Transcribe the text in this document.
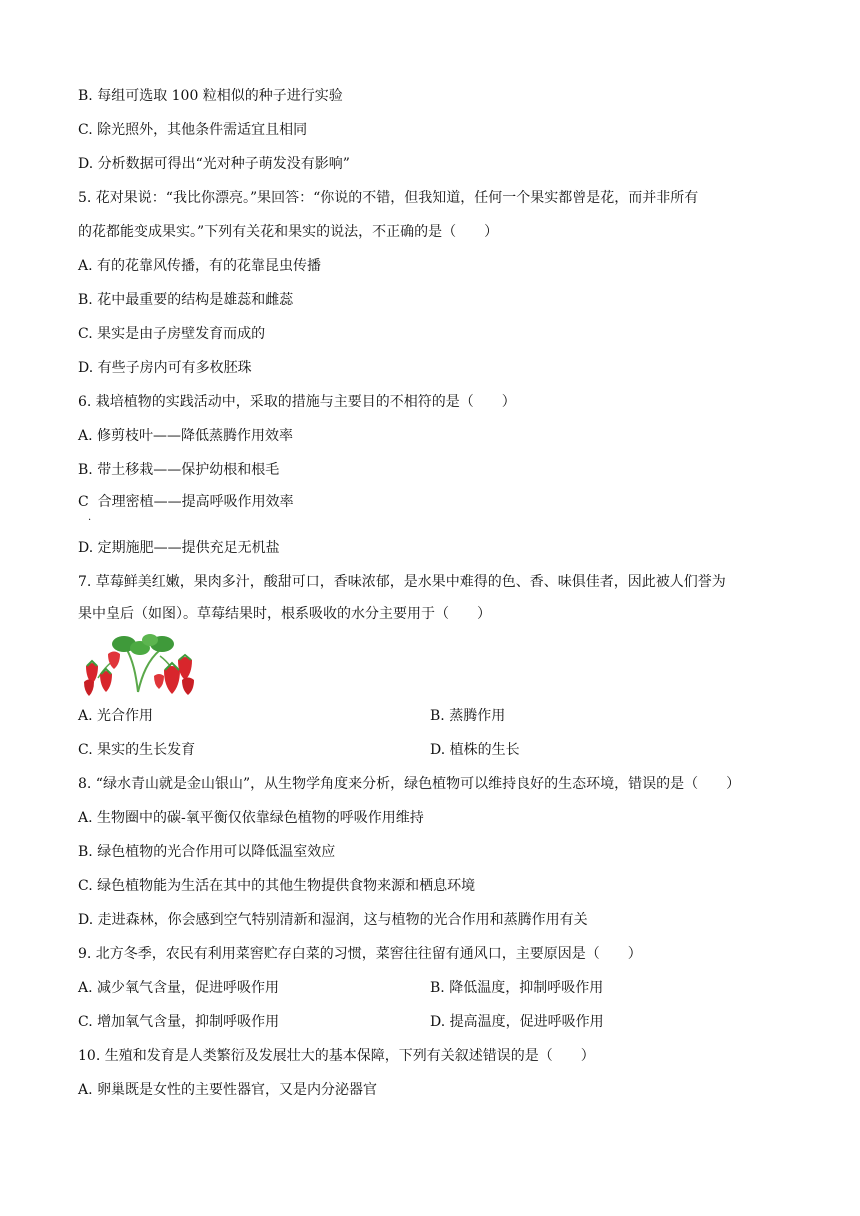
B. 每组可选取 100 粒相似的种子进行实验
C. 除光照外，其他条件需适宜且相同
D. 分析数据可得出“光对种子萌发没有影响”
5. 花对果说：“我比你漂亮。”果回答：“你说的不错，但我知道，任何一个果实都曾是花，而并非所有
的花都能变成果实。”下列有关花和果实的说法，不正确的是（　　）
A. 有的花靠风传播，有的花靠昆虫传播
B. 花中最重要的结构是雄蕊和雌蕊
C. 果实是由子房壁发育而成的
D. 有些子房内可有多枚胚珠
6. 栽培植物的实践活动中，采取的措施与主要目的不相符的是（　　）
A. 修剪枝叶——降低蒸腾作用效率
B. 带土移栽——保护幼根和根毛
C 合理密植——提高呼吸作用效率
.
D. 定期施肥——提供充足无机盐
7. 草莓鲜美红嫩，果肉多汁，酸甜可口，香味浓郁，是水果中难得的色、香、味俱佳者，因此被人们誉为
果中皇后（如图）。草莓结果时，根系吸收的水分主要用于（　　）
A. 光合作用	B. 蒸腾作用
C. 果实的生长发育	D. 植株的生长
8. “绿水青山就是金山银山”，从生物学角度来分析，绿色植物可以维持良好的生态环境，错误的是（　　）
A. 生物圈中的碳-氧平衡仅依靠绿色植物的呼吸作用维持
B. 绿色植物的光合作用可以降低温室效应
C. 绿色植物能为生活在其中的其他生物提供食物来源和栖息环境
D. 走进森林，你会感到空气特别清新和湿润，这与植物的光合作用和蒸腾作用有关
9. 北方冬季，农民有利用菜窖贮存白菜的习惯，菜窖往往留有通风口，主要原因是（　　）
A. 减少氧气含量，促进呼吸作用	B. 降低温度，抑制呼吸作用
C. 增加氧气含量，抑制呼吸作用	D. 提高温度，促进呼吸作用
10. 生殖和发育是人类繁衍及发展壮大的基本保障，下列有关叙述错误的是（　　）
A. 卵巢既是女性的主要性器官，又是内分泌器官
